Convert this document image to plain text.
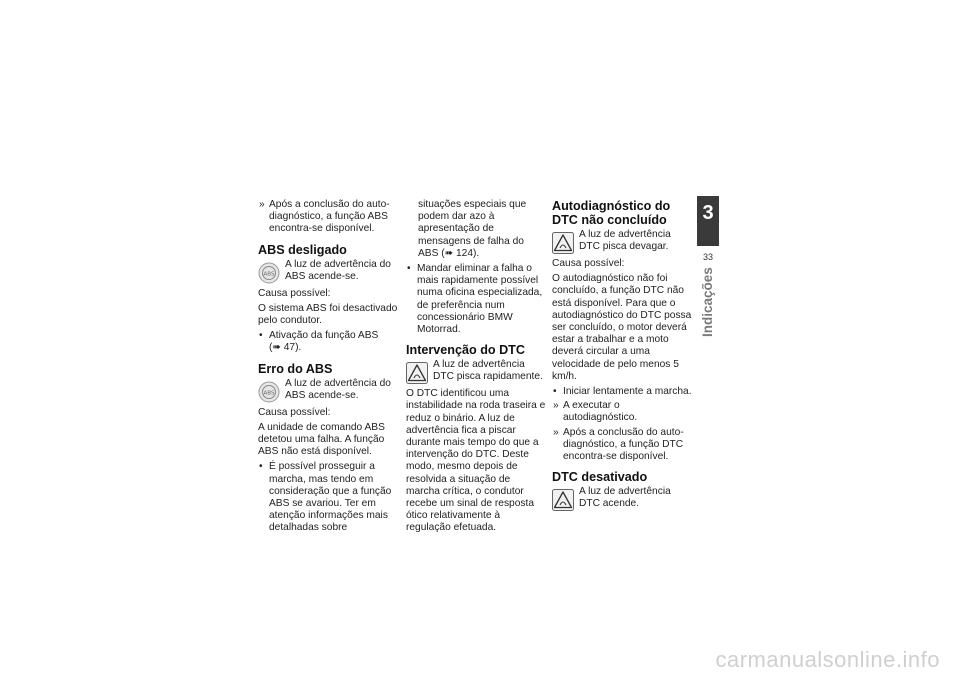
» Após a conclusão do auto-diagnóstico, a função ABS encontra-se disponível.

ABS desligado
ABS
A luz de advertência do ABS acende-se.

Causa possível:

O sistema ABS foi desactivado pelo condutor.

• Ativação da função ABS
(➠ 47).

Erro do ABS
ABS
A luz de advertência do ABS acende-se.

Causa possível:

A unidade de comando ABS detetou uma falha. A função ABS não está disponível.

• É possível prosseguir a marcha, mas tendo em consideração que a função ABS se avariou. Ter em atenção informações mais detalhadas sobre

situações especiais que podem dar azo à apresentação de mensagens de falha do ABS (➠ 124).

• Mandar eliminar a falha o mais rapidamente possível numa oficina especializada, de preferência num concessionário BMW Motorrad.

Intervenção do DTC
A luz de advertência DTC pisca rapidamente.

O DTC identificou uma instabilidade na roda traseira e reduz o binário. A luz de advertência fica a piscar durante mais tempo do que a intervenção do DTC. Deste modo, mesmo depois de resolvida a situação de marcha crítica, o condutor recebe um sinal de resposta ótico relativamente à regulação efetuada.

Autodiagnóstico do DTC não concluído
A luz de advertência DTC pisca devagar.

Causa possível:

O autodiagnóstico não foi concluído, a função DTC não está disponível. Para que o autodiagnóstico do DTC possa ser concluído, o motor deverá estar a trabalhar e a moto deverá circular a uma velocidade de pelo menos 5 km/h.

• Iniciar lentamente a marcha.

» A executar o autodiagnóstico.

» Após a conclusão do auto-diagnóstico, a função DTC encontra-se disponível.

DTC desativado
A luz de advertência DTC acende.
3
33
Indicações
carmanualsonline.info
